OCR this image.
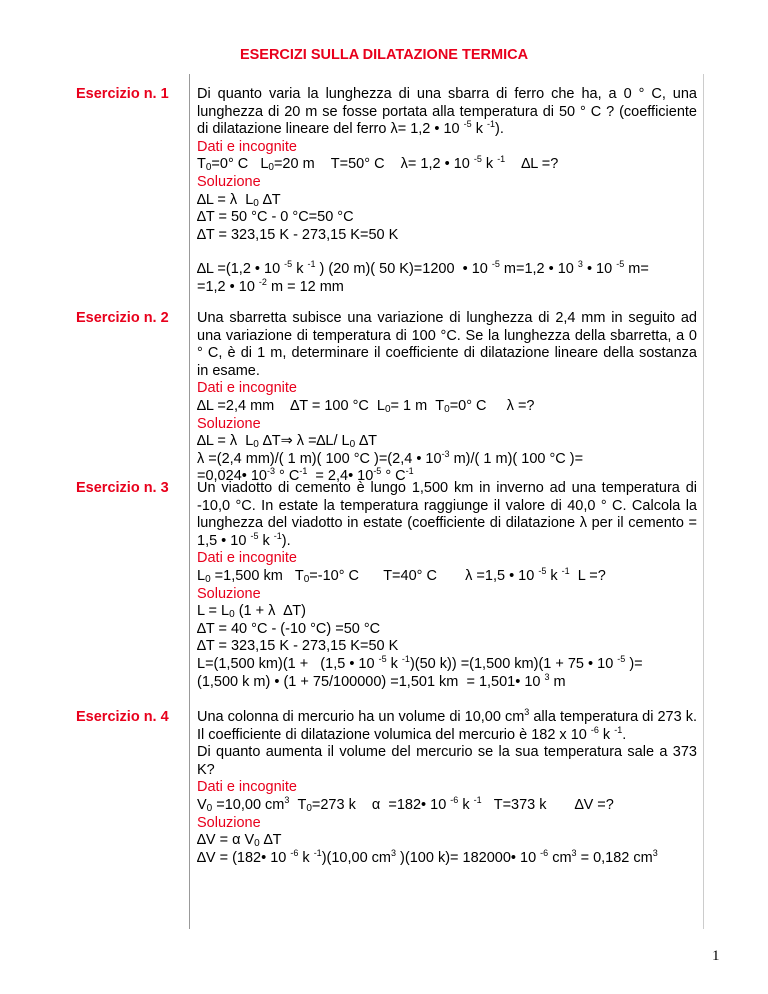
ESERCIZI SULLA DILATAZIONE TERMICA
Esercizio n. 1 Di quanto varia la lunghezza di una sbarra di ferro che ha, a 0 ° C, una lunghezza di 20 m se fosse portata alla temperatura di 50 ° C ? (coefficiente di dilatazione lineare del ferro λ= 1,2 • 10 $^{-5}$ k $^{-1}$).

Dati e incognite
$T_0=0^\circ$ C   $L_0=20$ m    T=50° C    λ= 1,2 • 10 $^{-5}$ k $^{-1}$    ∆L =?
Soluzione
∆L = λ  $L_0$ ∆T
∆T = 50 °C - 0 °C=50 °C
∆T = 323,15 K - 273,15 K=50 K
∆L =(1,2 • 10 $^{-5}$ k $^{-1}$ ) (20 m)( 50 K)=1200  • 10 $^{-5}$ m=1,2 • 10 $^3$ • 10 $^{-5}$ m=
=1,2 • 10 $^{-2}$ m = 12 mm
Esercizio n. 2 Una sbarretta subisce una variazione di lunghezza di 2,4 mm in seguito ad una variazione di temperatura di 100 °C. Se la lunghezza della sbarretta, a 0 ° C, è di 1 m, determinare il coefficiente di dilatazione lineare della sostanza in esame.

Dati e incognite
∆L =2,4 mm    ∆T = 100 °C  $L_0= 1$ m  $T_0=0^\circ$ C     λ =?
Soluzione
∆L = λ  $L_0$ ∆T⇒ λ =∆L/ $L_0$ ∆T
λ =(2,4 mm)/( 1 m)( 100 °C )=(2,4 • $10^{-3}$ m)/( 1 m)( 100 °C )=
=0,024• $10^{-3}$ ° $C^{-1}$  = 2,4• $10^{-5}$ ° $C^{-1}$
Esercizio n. 3 Un viadotto di cemento è lungo 1,500 km in inverno ad una temperatura di -10,0 °C. In estate la temperatura raggiunge il valore di 40,0 ° C. Calcola la lunghezza del viadotto in estate (coefficiente di dilatazione λ per il cemento = 1,5 • 10 $^{-5}$ k $^{-1}$).

Dati e incognite
$L_0 =1,500$ km   $T_0=-10^\circ$ C      T=40° C       λ =1,5 • 10 $^{-5}$ k $^{-1}$  L =?
Soluzione
$L = L_0$ (1 + λ  ∆T)
∆T = 40 °C - (-10 °C) =50 °C
∆T = 323,15 K - 273,15 K=50 K
L=(1,500 km)(1 +   (1,5 • 10 $^{-5}$ k $^{-1}$)(50 k)) =(1,500 km)(1 + 75 • 10 $^{-5}$ )=
(1,500 k m) • (1 + 75/100000) =1,501 km  = 1,501• 10 $^3$ m
Esercizio n. 4 Una colonna di mercurio ha un volume di 10,00 $cm^3$ alla temperatura di 273 k. Il coefficiente di dilatazione volumica del mercurio è 182 x 10 $^{-6}$ k $^{-1}$.

Di quanto aumenta il volume del mercurio se la sua temperatura sale a 373 K?

Dati e incognite
$V_0 =10,00$ $cm^3$  $T_0=273$ k    α  =182• 10 $^{-6}$ k $^{-1}$   T=373 k       ∆V =?
Soluzione
∆V = α $V_0$ ∆T
∆V = (182• 10 $^{-6}$ k $^{-1}$)(10,00 $cm^3$ )(100 k)= 182000• 10 $^{-6}$ $cm^3 = 0,182$ $cm^3$
1
